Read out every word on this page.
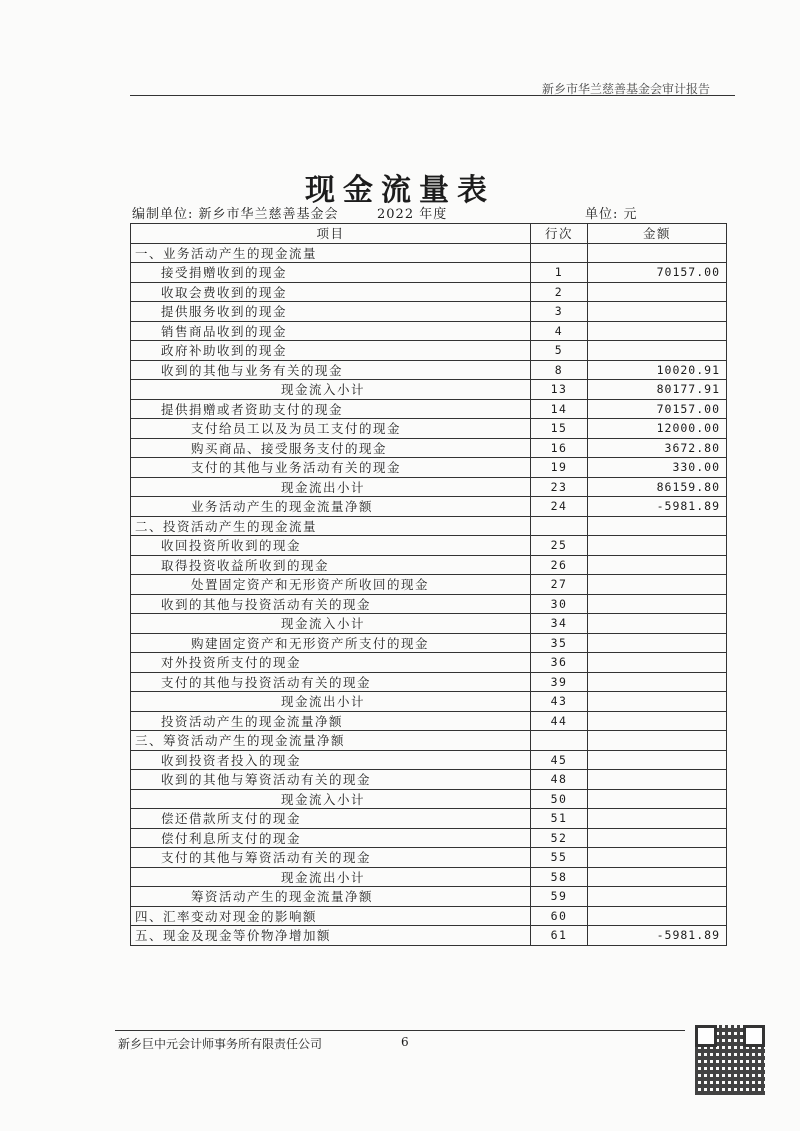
新乡市华兰慈善基金会审计报告
现金流量表
编制单位: 新乡市华兰慈善基金会	2022 年度	单位: 元
项目	行次	金额
一、业务活动产生的现金流量		
接受捐赠收到的现金	1	70157.00
收取会费收到的现金	2	
提供服务收到的现金	3	
销售商品收到的现金	4	
政府补助收到的现金	5	
收到的其他与业务有关的现金	8	10020.91
现金流入小计	13	80177.91
提供捐赠或者资助支付的现金	14	70157.00
支付给员工以及为员工支付的现金	15	12000.00
购买商品、接受服务支付的现金	16	3672.80
支付的其他与业务活动有关的现金	19	330.00
现金流出小计	23	86159.80
业务活动产生的现金流量净额	24	-5981.89
二、投资活动产生的现金流量		
收回投资所收到的现金	25	
取得投资收益所收到的现金	26	
处置固定资产和无形资产所收回的现金	27	
收到的其他与投资活动有关的现金	30	
现金流入小计	34	
购建固定资产和无形资产所支付的现金	35	
对外投资所支付的现金	36	
支付的其他与投资活动有关的现金	39	
现金流出小计	43	
投资活动产生的现金流量净额	44	
三、筹资活动产生的现金流量净额		
收到投资者投入的现金	45	
收到的其他与筹资活动有关的现金	48	
现金流入小计	50	
偿还借款所支付的现金	51	
偿付利息所支付的现金	52	
支付的其他与筹资活动有关的现金	55	
现金流出小计	58	
筹资活动产生的现金流量净额	59	
四、汇率变动对现金的影响额	60	
五、现金及现金等价物净增加额	61	-5981.89
新乡巨中元会计师事务所有限责任公司	6
